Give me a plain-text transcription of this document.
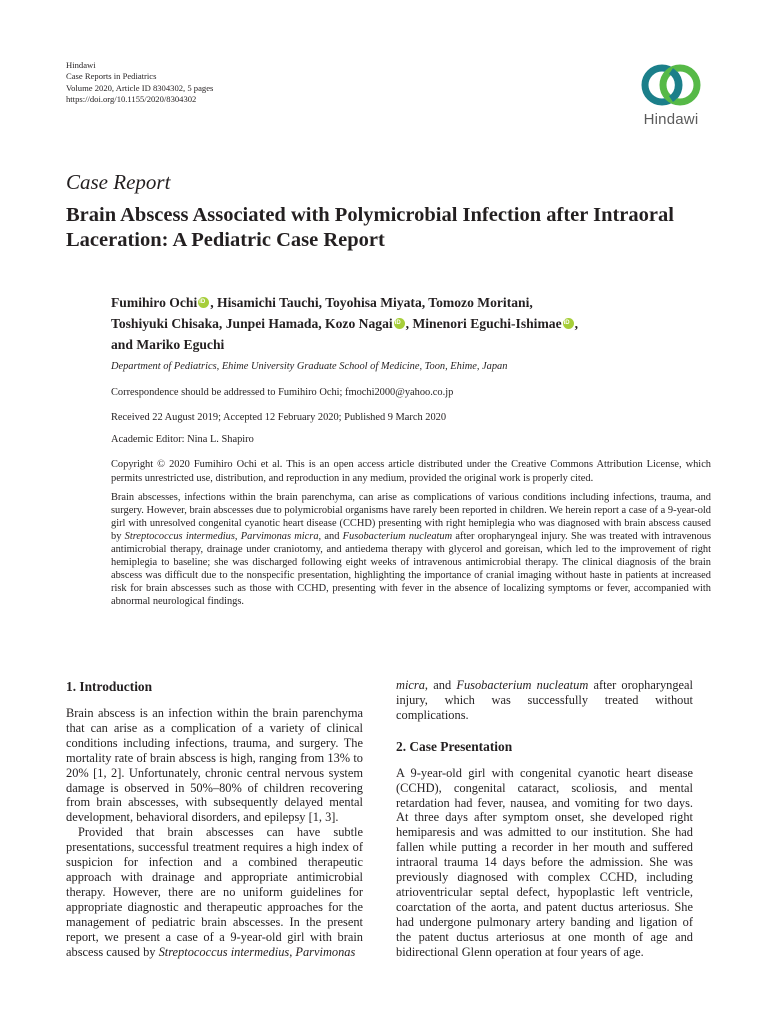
Hindawi
Case Reports in Pediatrics
Volume 2020, Article ID 8304302, 5 pages
https://doi.org/10.1155/2020/8304302
Hindawi
Case Report
Brain Abscess Associated with Polymicrobial Infection after Intraoral Laceration: A Pediatric Case Report
Fumihiro Ochi iD , Hisamichi Tauchi, Toyohisa Miyata, Tomozo Moritani,
Toshiyuki Chisaka, Junpei Hamada, Kozo Nagai iD , Minenori Eguchi-Ishimae iD ,
and Mariko Eguchi
Department of Pediatrics, Ehime University Graduate School of Medicine, Toon, Ehime, Japan
Correspondence should be addressed to Fumihiro Ochi; fmochi2000@yahoo.co.jp
Received 22 August 2019; Accepted 12 February 2020; Published 9 March 2020
Academic Editor: Nina L. Shapiro
Copyright © 2020 Fumihiro Ochi et al. This is an open access article distributed under the Creative Commons Attribution License, which permits unrestricted use, distribution, and reproduction in any medium, provided the original work is properly cited.
Brain abscesses, infections within the brain parenchyma, can arise as complications of various conditions including infections, trauma, and surgery. However, brain abscesses due to polymicrobial organisms have rarely been reported in children. We herein report a case of a 9-year-old girl with unresolved congenital cyanotic heart disease (CCHD) presenting with right hemiplegia who was diagnosed with brain abscess caused by Streptococcus intermedius, Parvimonas micra, and Fusobacterium nucleatum after oropharyngeal injury. She was treated with intravenous antimicrobial therapy, drainage under craniotomy, and antiedema therapy with glycerol and goreisan, which led to the improvement of right hemiplegia to baseline; she was discharged following eight weeks of intravenous antimicrobial therapy. The clinical diagnosis of the brain abscess was difficult due to the nonspecific presentation, highlighting the importance of cranial imaging without haste in patients at increased risk for brain abscesses such as those with CCHD, presenting with fever in the absence of localizing symptoms or fever, accompanied with abnormal neurological findings.
1. Introduction

Brain abscess is an infection within the brain parenchyma that can arise as a complication of a variety of clinical conditions including infections, trauma, and surgery. The mortality rate of brain abscess is high, ranging from 13% to 20% [1, 2]. Unfortunately, chronic central nervous system damage is observed in 50%–80% of children recovering from brain abscesses, with subsequently delayed mental development, behavioral disorders, and epilepsy [1, 3].

Provided that brain abscesses can have subtle presentations, successful treatment requires a high index of suspicion for infection and a combined therapeutic approach with drainage and appropriate antimicrobial therapy. However, there are no uniform guidelines for appropriate diagnostic and therapeutic approaches for the management of pediatric brain abscesses. In the present report, we present a case of a 9-year-old girl with brain abscess caused by Streptococcus intermedius, Parvimonas

micra, and Fusobacterium nucleatum after oropharyngeal injury, which was successfully treated without complications.

2. Case Presentation

A 9-year-old girl with congenital cyanotic heart disease (CCHD), congenital cataract, scoliosis, and mental retardation had fever, nausea, and vomiting for two days. At three days after symptom onset, she developed right hemiparesis and was admitted to our institution. She had fallen while putting a recorder in her mouth and suffered intraoral trauma 14 days before the admission. She was previously diagnosed with complex CCHD, including atrioventricular septal defect, hypoplastic left ventricle, coarctation of the aorta, and patent ductus arteriosus. She had undergone pulmonary artery banding and ligation of the patent ductus arteriosus at one month of age and bidirectional Glenn operation at four years of age.
